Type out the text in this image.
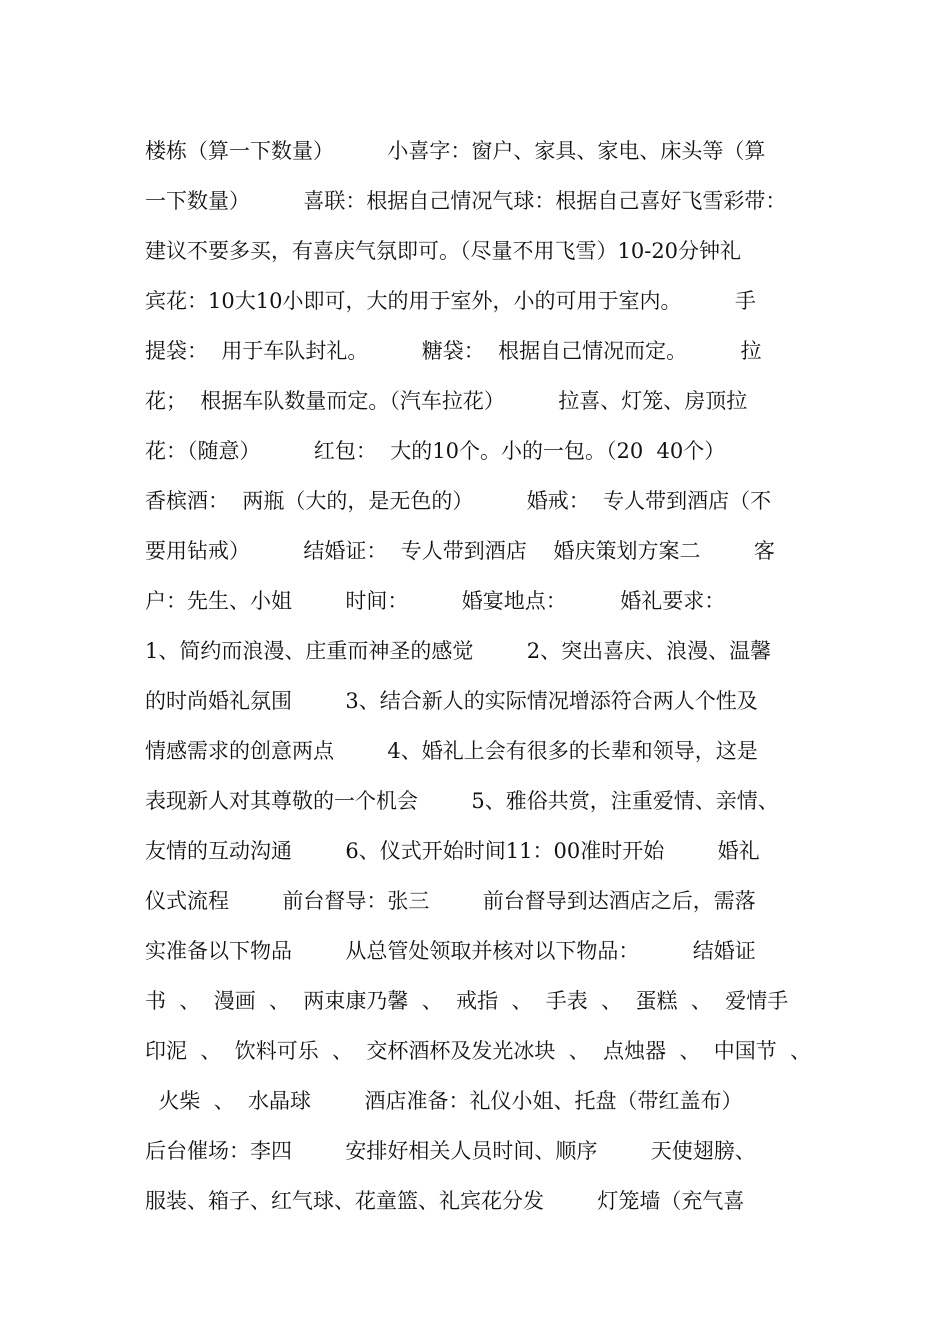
楼栋（算一下数量）        小喜字：窗户、家具、家电、床头等（算
一下数量）        喜联：根据自己情况气球：根据自己喜好飞雪彩带：
建议不要多买，有喜庆气氛即可。（尽量不用飞雪）10-20分钟礼
宾花：10大10小即可，大的用于室外，小的可用于室内。        手
提袋：  用于车队封礼。        糖袋：  根据自己情况而定。        拉
花；  根据车队数量而定。（汽车拉花）        拉喜、灯笼、房顶拉
花：（随意）        红包：  大的10个。小的一包。（20  40个）
香槟酒：  两瓶（大的，是无色的）        婚戒：  专人带到酒店（不
要用钻戒）        结婚证：  专人带到酒店    婚庆策划方案二        客
户：先生、小姐        时间：        婚宴地点：        婚礼要求：
1、简约而浪漫、庄重而神圣的感觉        2、突出喜庆、浪漫、温馨
的时尚婚礼氛围        3、结合新人的实际情况增添符合两人个性及
情感需求的创意两点        4、婚礼上会有很多的长辈和领导，这是
表现新人对其尊敬的一个机会        5、雅俗共赏，注重爱情、亲情、
友情的互动沟通        6、仪式开始时间11：00准时开始        婚礼
仪式流程        前台督导：张三        前台督导到达酒店之后，需落
实准备以下物品        从总管处领取并核对以下物品：        结婚证
书  、  漫画  、  两束康乃馨  、  戒指  、  手表  、  蛋糕  、  爱情手
印泥  、  饮料可乐  、  交杯酒杯及发光冰块  、  点烛器  、  中国节  、
火柴  、  水晶球        酒店准备：礼仪小姐、托盘（带红盖布）
后台催场：李四        安排好相关人员时间、顺序        天使翅膀、
服装、箱子、红气球、花童篮、礼宾花分发        灯笼墙（充气喜
